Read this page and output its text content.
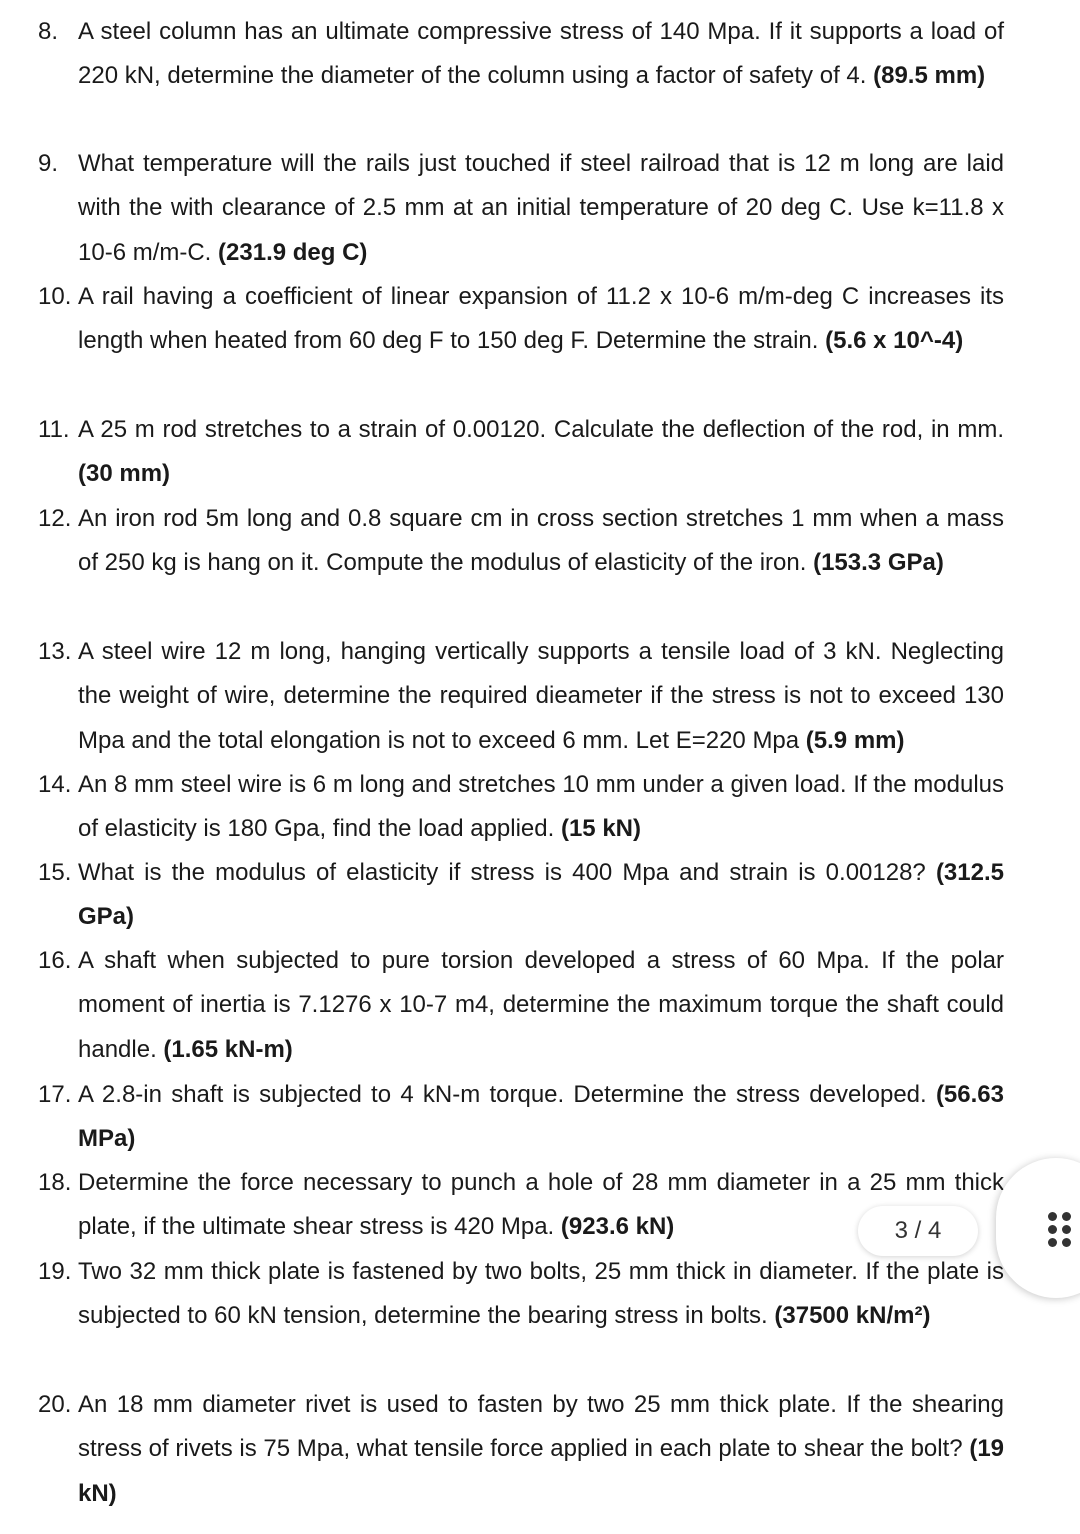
8. A steel column has an ultimate compressive stress of 140 Mpa. If it supports a load of 220 kN, determine the diameter of the column using a factor of safety of 4. (89.5 mm)
9. What temperature will the rails just touched if steel railroad that is 12 m long are laid with the with clearance of 2.5 mm at an initial temperature of 20 deg C. Use k=11.8 x 10-6 m/m-C. (231.9 deg C)
10. A rail having a coefficient of linear expansion of 11.2 x 10-6 m/m-deg C increases its length when heated from 60 deg F to 150 deg F. Determine the strain. (5.6 x 10^-4)
11. A 25 m rod stretches to a strain of 0.00120. Calculate the deflection of the rod, in mm. (30 mm)
12. An iron rod 5m long and 0.8 square cm in cross section stretches 1 mm when a mass of 250 kg is hang on it. Compute the modulus of elasticity of the iron. (153.3 GPa)
13. A steel wire 12 m long, hanging vertically supports a tensile load of 3 kN. Neglecting the weight of wire, determine the required dieameter if the stress is not to exceed 130 Mpa and the total elongation is not to exceed 6 mm. Let E=220 Mpa (5.9 mm)
14. An 8 mm steel wire is 6 m long and stretches 10 mm under a given load. If the modulus of elasticity is 180 Gpa, find the load applied. (15 kN)
15. What is the modulus of elasticity if stress is 400 Mpa and strain is 0.00128? (312.5 GPa)
16. A shaft when subjected to pure torsion developed a stress of 60 Mpa. If the polar moment of inertia is 7.1276 x 10-7 m4, determine the maximum torque the shaft could handle. (1.65 kN-m)
17. A 2.8-in shaft is subjected to 4 kN-m torque. Determine the stress developed. (56.63 MPa)
18. Determine the force necessary to punch a hole of 28 mm diameter in a 25 mm thick plate, if the ultimate shear stress is 420 Mpa. (923.6 kN)
19. Two 32 mm thick plate is fastened by two bolts, 25 mm thick in diameter. If the plate is subjected to 60 kN tension, determine the bearing stress in bolts. (37500 kN/m²)
20. An 18 mm diameter rivet is used to fasten by two 25 mm thick plate. If the shearing stress of rivets is 75 Mpa, what tensile force applied in each plate to shear the bolt? (19 kN)
3 / 4
